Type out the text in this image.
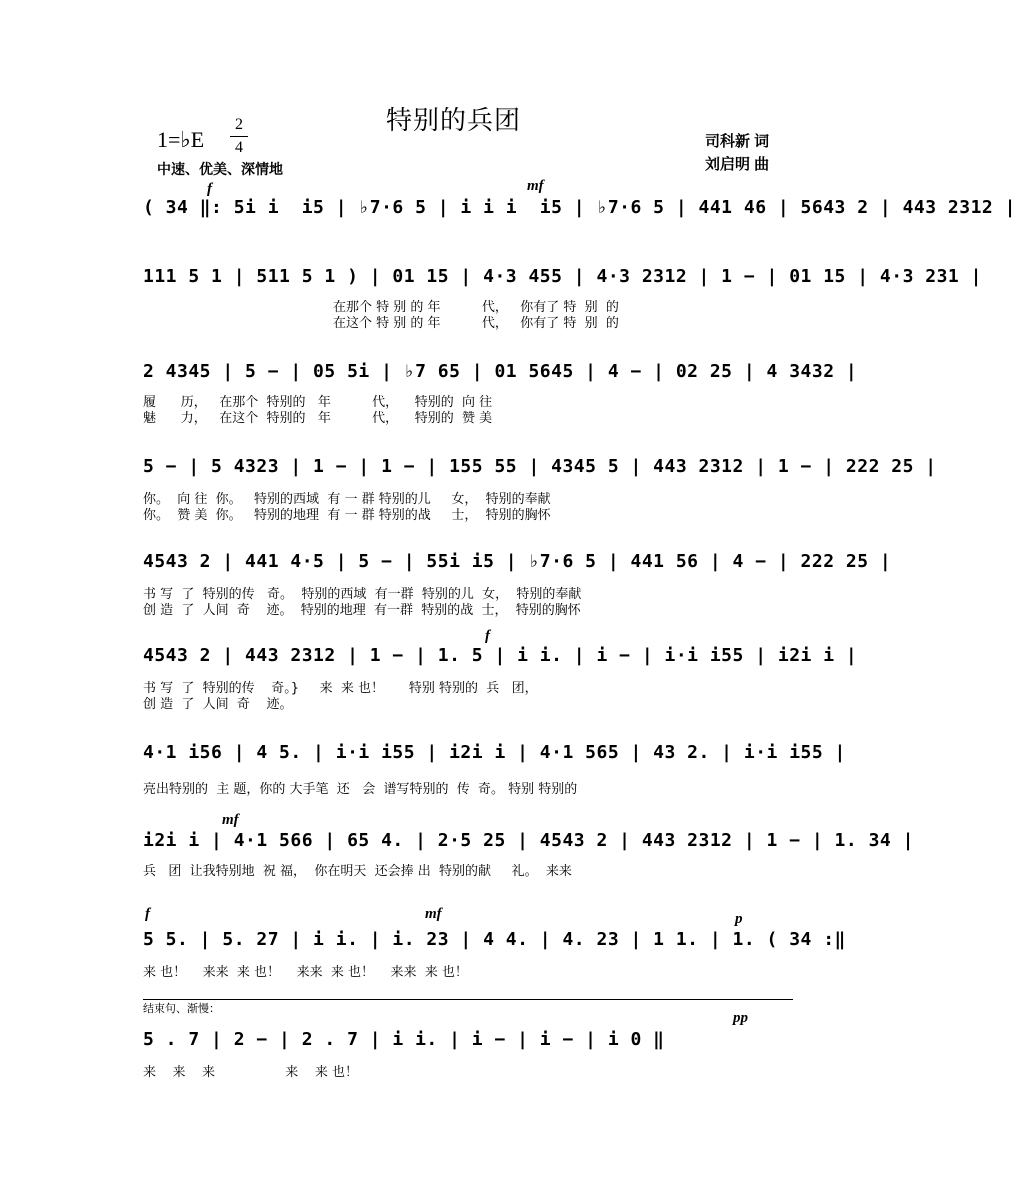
特别的兵团
1=♭E
2
4
中速、优美、深情地
司科新 词
刘启明 曲
( 34 ‖: 5i i  i5 | ♭7·6 5 | i i i  i5 | ♭7·6 5 | 441 46 | 5643 2 | 443 2312 |
f	mf
111 5 1 | 511 5 1 ) | 01 15 | 4·3 455 | 4·3 2312 | 1 − | 01 15 | 4·3 231 |
在那个 特 别 的 年          代，   你有了 特  别  的
在这个 特 别 的 年          代，   你有了 特  别  的
2 4345 | 5 − | 05 5i | ♭7 65 | 01 5645 | 4 − | 02 25 | 4 3432 |
履      历，   在那个  特别的   年          代，    特别的  向 往
魅      力，   在这个  特别的   年          代，    特别的  赞 美
5 − | 5 4323 | 1 − | 1 − | 155 55 | 4345 5 | 443 2312 | 1 − | 222 25 |
你。  向 往  你。   特别的西域  有 一 群 特别的儿     女，  特别的奉献
你。  赞 美  你。   特别的地理  有 一 群 特别的战     士，  特别的胸怀
4543 2 | 441 4·5 | 5 − | 55i i5 | ♭7·6 5 | 441 56 | 4 − | 222 25 |
书 写  了  特别的传   奇。  特别的西域  有一群  特别的儿  女，  特别的奉献
创 造  了  人间  奇    迹。  特别的地理  有一群  特别的战  士，  特别的胸怀
4543 2 | 443 2312 | 1 − | 1. 5 | i i. | i − | i·i i55 | i2i i |
书 写  了  特别的传    奇。}     来  来 也！      特别 特别的  兵   团，
创 造  了  人间  奇    迹。
f
4·1 i56 | 4 5. | i·i i55 | i2i i | 4·1 565 | 43 2. | i·i i55 |
亮出特别的  主 题，你的 大手笔  还   会  谱写特别的  传  奇。 特别 特别的
i2i i | 4·1 566 | 65 4. | 2·5 25 | 4543 2 | 443 2312 | 1 − | 1. 34 |
兵   团  让我特别地  祝 福，  你在明天  还会捧 出  特别的献     礼。  来来
mf
5 5. | 5. 27 | i i. | i. 23 | 4 4. | 4. 23 | 1 1. | 1. ( 34 :‖
来 也！    来来  来 也！    来来  来 也！    来来  来 也！
f	mf	p
结束句、渐慢：
5 . 7 | 2 − | 2 . 7 | i i. | i − | i − | i 0 ‖
来    来    来                 来    来 也！
pp
